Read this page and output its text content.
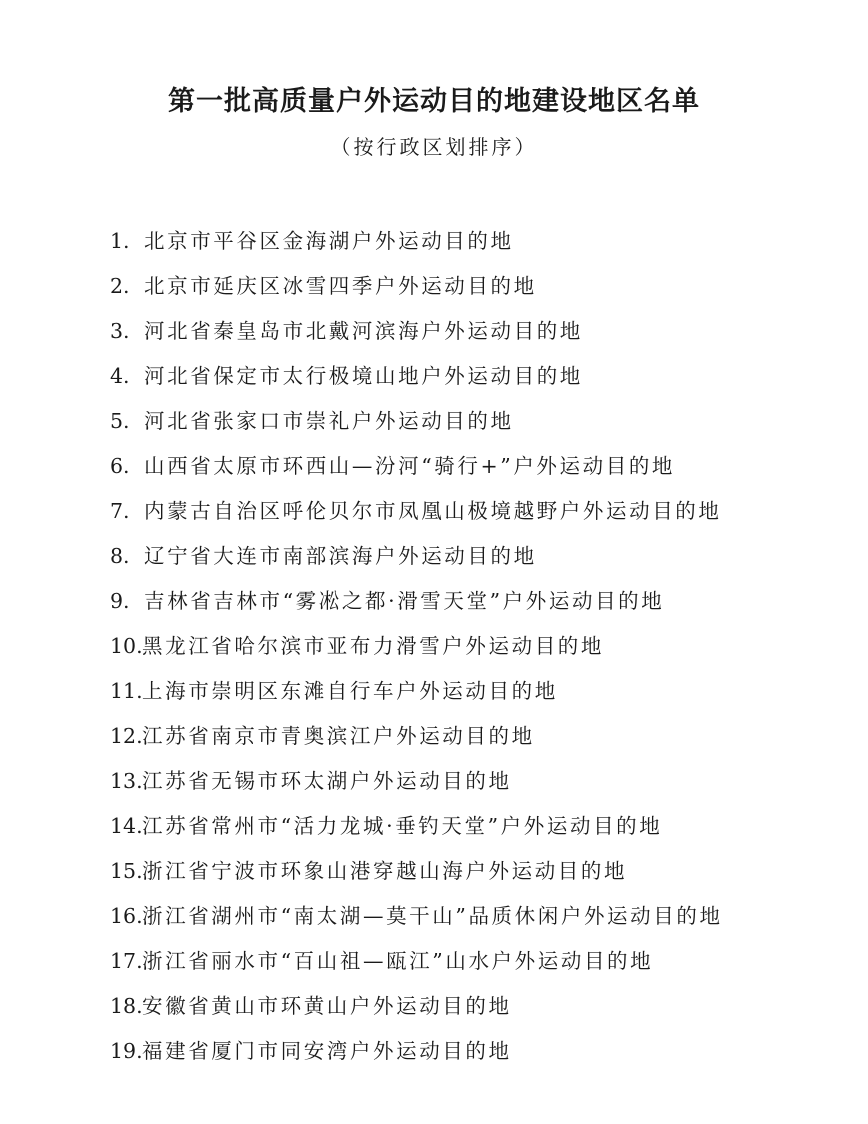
第一批高质量户外运动目的地建设地区名单

（按行政区划排序）

1. 北京市平谷区金海湖户外运动目的地
2. 北京市延庆区冰雪四季户外运动目的地
3. 河北省秦皇岛市北戴河滨海户外运动目的地
4. 河北省保定市太行极境山地户外运动目的地
5. 河北省张家口市崇礼户外运动目的地
6. 山西省太原市环西山—汾河“骑行+”户外运动目的地
7. 内蒙古自治区呼伦贝尔市凤凰山极境越野户外运动目的地
8. 辽宁省大连市南部滨海户外运动目的地
9. 吉林省吉林市“雾凇之都·滑雪天堂”户外运动目的地
10. 黑龙江省哈尔滨市亚布力滑雪户外运动目的地
11. 上海市崇明区东滩自行车户外运动目的地
12. 江苏省南京市青奥滨江户外运动目的地
13. 江苏省无锡市环太湖户外运动目的地
14. 江苏省常州市“活力龙城·垂钓天堂”户外运动目的地
15. 浙江省宁波市环象山港穿越山海户外运动目的地
16. 浙江省湖州市“南太湖—莫干山”品质休闲户外运动目的地
17. 浙江省丽水市“百山祖—瓯江”山水户外运动目的地
18. 安徽省黄山市环黄山户外运动目的地
19. 福建省厦门市同安湾户外运动目的地
